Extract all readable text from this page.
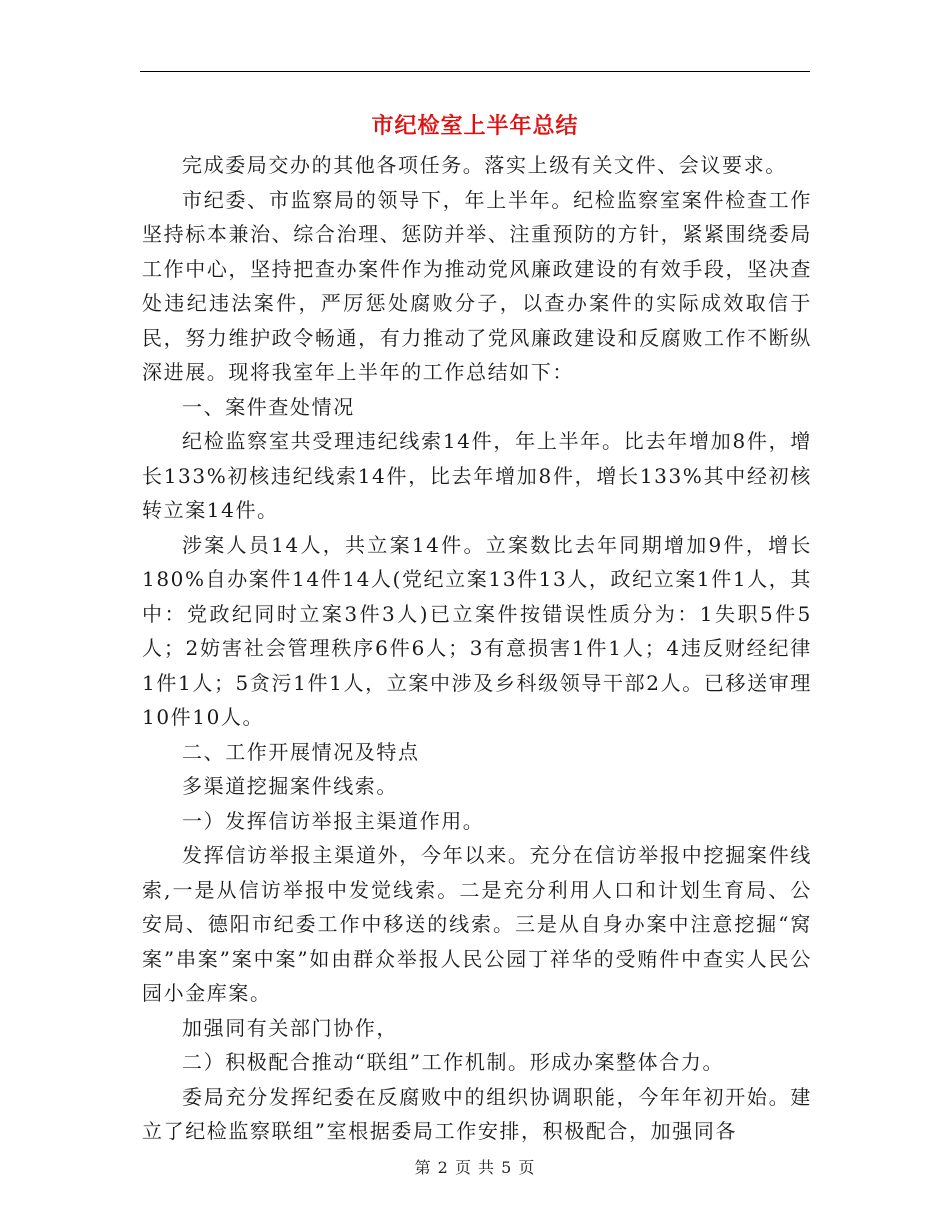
市纪检室上半年总结

完成委局交办的其他各项任务。落实上级有关文件、会议要求。

市纪委、市监察局的领导下，年上半年。纪检监察室案件检查工作坚持标本兼治、综合治理、惩防并举、注重预防的方针，紧紧围绕委局工作中心，坚持把查办案件作为推动党风廉政建设的有效手段，坚决查处违纪违法案件，严厉惩处腐败分子，以查办案件的实际成效取信于民，努力维护政令畅通，有力推动了党风廉政建设和反腐败工作不断纵深进展。现将我室年上半年的工作总结如下：

一、案件查处情况

纪检监察室共受理违纪线索14件，年上半年。比去年增加8件，增长133%初核违纪线索14件，比去年增加8件，增长133%其中经初核转立案14件。

涉案人员14人，共立案14件。立案数比去年同期增加9件，增长180%自办案件14件14人(党纪立案13件13人，政纪立案1件1人，其中：党政纪同时立案3件3人)已立案件按错误性质分为：1失职5件5人；2妨害社会管理秩序6件6人；3有意损害1件1人；4违反财经纪律1件1人；5贪污1件1人，立案中涉及乡科级领导干部2人。已移送审理10件10人。

二、工作开展情况及特点

多渠道挖掘案件线索。

一）发挥信访举报主渠道作用。

发挥信访举报主渠道外，今年以来。充分在信访举报中挖掘案件线索,一是从信访举报中发觉线索。二是充分利用人口和计划生育局、公安局、德阳市纪委工作中移送的线索。三是从自身办案中注意挖掘“窝案”串案”案中案”如由群众举报人民公园丁祥华的受贿件中查实人民公园小金库案。

加强同有关部门协作，

二）积极配合推动“联组”工作机制。形成办案整体合力。

委局充分发挥纪委在反腐败中的组织协调职能，今年年初开始。建立了纪检监察联组”室根据委局工作安排，积极配合，加强同各

第 2 页 共 5 页
